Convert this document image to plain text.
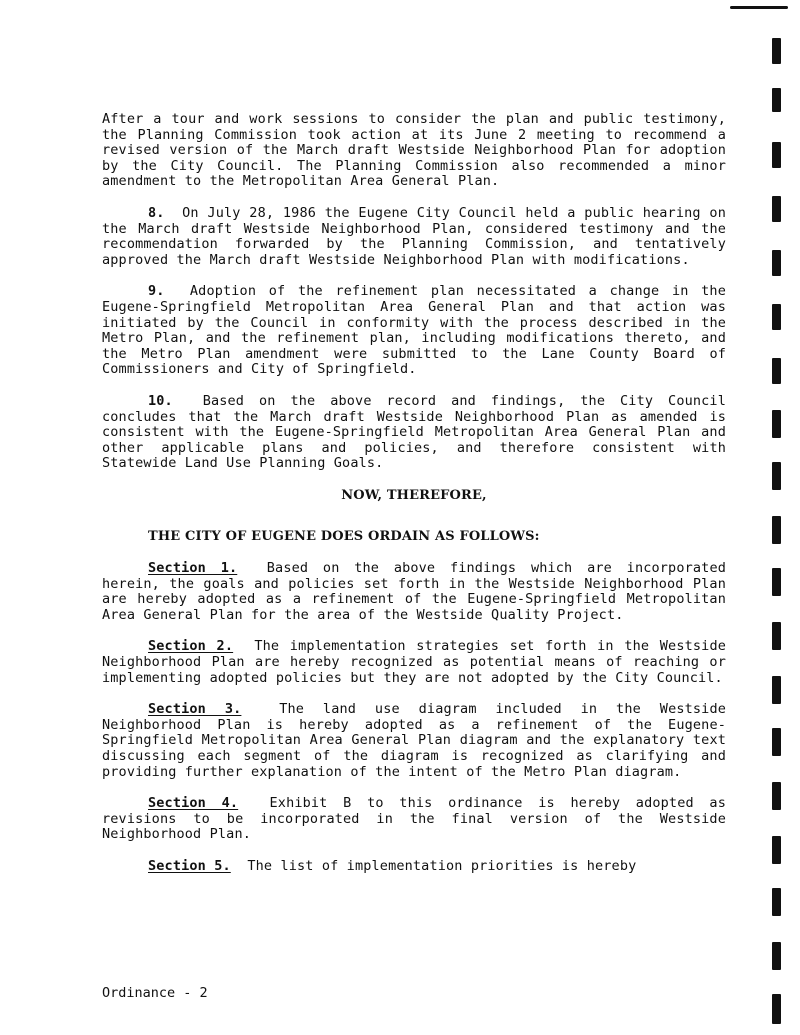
After a tour and work sessions to consider the plan and public testimony, the Planning Commission took action at its June 2 meeting to recommend a revised version of the March draft Westside Neighborhood Plan for adoption by the City Council. The Planning Commission also recommended a minor amendment to the Metropolitan Area General Plan.

8. On July 28, 1986 the Eugene City Council held a public hearing on the March draft Westside Neighborhood Plan, considered testimony and the recommendation forwarded by the Planning Commission, and tentatively approved the March draft Westside Neighborhood Plan with modifications.

9. Adoption of the refinement plan necessitated a change in the Eugene-Springfield Metropolitan Area General Plan and that action was initiated by the Council in conformity with the process described in the Metro Plan, and the refinement plan, including modifications thereto, and the Metro Plan amendment were submitted to the Lane County Board of Commissioners and City of Springfield.

10. Based on the above record and findings, the City Council concludes that the March draft Westside Neighborhood Plan as amended is consistent with the Eugene-Springfield Metropolitan Area General Plan and other applicable plans and policies, and therefore consistent with Statewide Land Use Planning Goals.

NOW, THEREFORE,

THE CITY OF EUGENE DOES ORDAIN AS FOLLOWS:

Section 1. Based on the above findings which are incorporated herein, the goals and policies set forth in the Westside Neighborhood Plan are hereby adopted as a refinement of the Eugene-Springfield Metropolitan Area General Plan for the area of the Westside Quality Project.

Section 2. The implementation strategies set forth in the Westside Neighborhood Plan are hereby recognized as potential means of reaching or implementing adopted policies but they are not adopted by the City Council.

Section 3.	The land use diagram included in the Westside Neighborhood Plan is hereby adopted as a refinement of the Eugene-Springfield Metropolitan Area General Plan diagram and the explanatory text discussing each segment of the diagram is recognized as clarifying and providing further explanation of the intent of the Metro Plan diagram.

Section 4. Exhibit B to this ordinance is hereby adopted as revisions to be incorporated in the final version of the Westside Neighborhood Plan.

Section 5. The list of implementation priorities is hereby

Ordinance - 2
